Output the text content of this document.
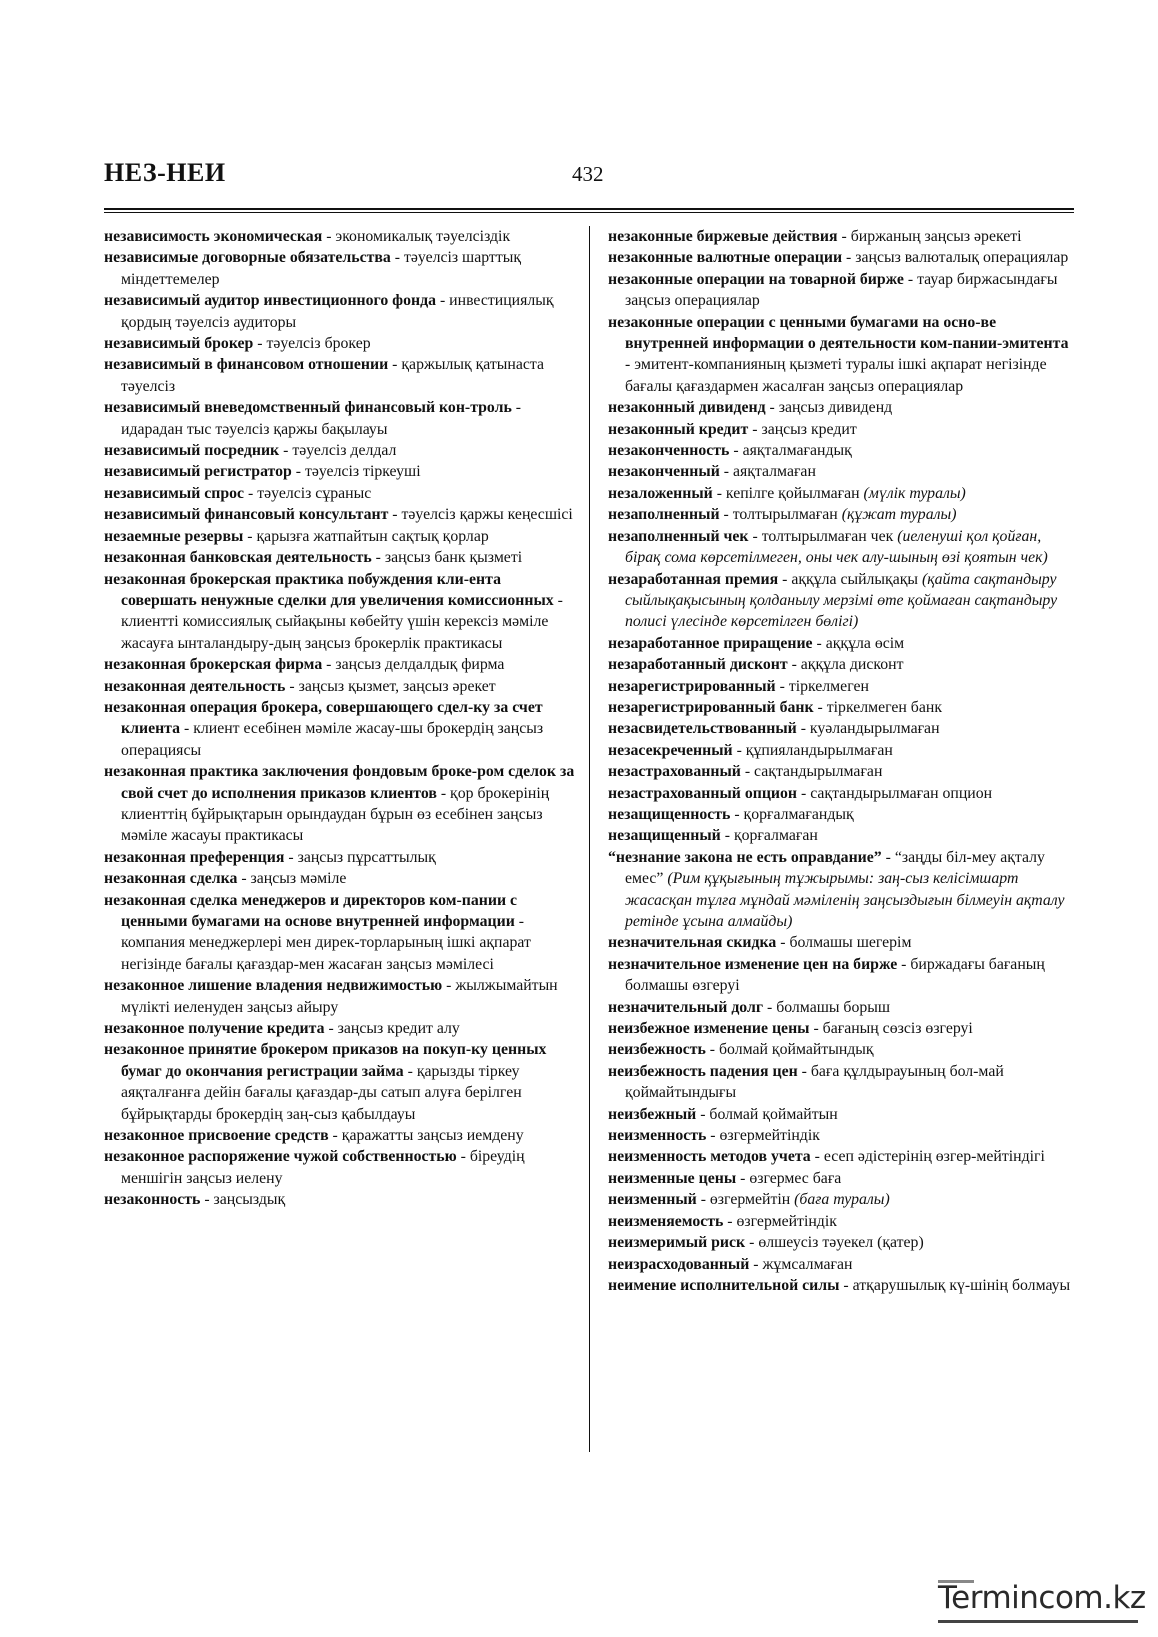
НЕЗ-НЕИ	432

независимость экономическая - экономикалық тәуелсіздік

независимые договорные обязательства - тәуелсіз шарттық міндеттемелер

независимый аудитор инвестиционного фонда - инвестициялық қордың тәуелсіз аудиторы

независимый брокер - тәуелсіз брокер

независимый в финансовом отношении - қаржылық қатынаста тәуелсіз

независимый вневедомственный финансовый кон-троль - идарадан тыс тәуелсіз қаржы бақылауы

независимый посредник - тәуелсіз делдал

независимый регистратор - тәуелсіз тіркеуші

независимый спрос - тәуелсіз сұраныс

независимый финансовый консультант - тәуелсіз қаржы кеңесшісі

незаемные резервы - қарызға жатпайтын сақтық қорлар

незаконная банковская деятельность - заңсыз банк қызметі

незаконная брокерская практика побуждения кли-ента совершать ненужные сделки для увеличения комиссионных - клиентті комиссиялық сыйақыны көбейту үшін керексіз мәміле жасауға ынталандыру-дың заңсыз брокерлік практикасы

незаконная брокерская фирма - заңсыз делдалдық фирма

незаконная деятельность - заңсыз қызмет, заңсыз әрекет

незаконная операция брокера, совершающего сдел-ку за счет клиента - клиент есебінен мәміле жасау-шы брокердің заңсыз операциясы

незаконная практика заключения фондовым броке-ром сделок за свой счет до исполнения приказов клиентов - қор брокерінің клиенттің бұйрықтарын орындаудан бұрын өз есебінен заңсыз мәміле жасауы практикасы

незаконная преференция - заңсыз пұрсаттылық

незаконная сделка - заңсыз мәміле

незаконная сделка менеджеров и директоров ком-пании с ценными бумагами на основе внутренней информации - компания менеджерлері мен дирек-торларының ішкі ақпарат негізінде бағалы қағаздар-мен жасаған заңсыз мәмілесі

незаконное лишение владения недвижимостью - жылжымайтын мүлікті иеленуден заңсыз айыру

незаконное получение кредита - заңсыз кредит алу

незаконное принятие брокером приказов на покуп-ку ценных бумаг до окончания регистрации займа - қарызды тіркеу аяқталғанға дейін бағалы қағаздар-ды сатып алуға берілген бұйрықтарды брокердің заң-сыз қабылдауы

незаконное присвоение средств - қаражатты заңсыз иемдену

незаконное распоряжение чужой собственностью - біреудің меншігін заңсыз иелену

незаконность - заңсыздық

незаконные биржевые действия - биржаның заңсыз әрекеті

незаконные валютные операции - заңсыз валюталық операциялар

незаконные операции на товарной бирже - тауар биржасындағы заңсыз операциялар

незаконные операции с ценными бумагами на осно-ве внутренней информации о деятельности ком-пании-эмитента - эмитент-компанияның қызметі туралы ішкі ақпарат негізінде бағалы қағаздармен жасалған заңсыз операциялар

незаконный дивиденд - заңсыз дивиденд

незаконный кредит - заңсыз кредит

незаконченность - аяқталмағандық

незаконченный - аяқталмаған

незаложенный - кепілге қойылмаған (мүлік туралы)

незаполненный - толтырылмаған (құжат туралы)

незаполненный чек - толтырылмаған чек (иеленуші қол қойған, бірақ сома көрсетілмеген, оны чек алу-шының өзі қоятын чек)

незаработанная премия - аққұла сыйлықақы (қайта сақтандыру сыйлықақысының қолданылу мерзімі өте қоймаған сақтандыру полисі үлесінде көрсетілген бөлігі)

незаработанное приращение - аққұла өсім

незаработанный дисконт - аққұла дисконт

незарегистрированный - тіркелмеген

незарегистрированный банк - тіркелмеген банк

незасвидетельствованный - куәландырылмаған

незасекреченный - құпияландырылмаған

незастрахованный - сақтандырылмаған

незастрахованный опцион - сақтандырылмаған опцион

незащищенность - қорғалмағандық

незащищенный - қорғалмаған

“незнание закона не есть оправдание” - “заңды біл-меу ақталу емес” (Рим құқығының тұжырымы: заң-сыз келісімшарт жасасқан тұлға мұндай мәміленің заңсыздығын білмеуін ақталу ретінде ұсына алмайды)

незначительная скидка - болмашы шегерім

незначительное изменение цен на бирже - биржадағы бағаның болмашы өзгеруі

незначительный долг - болмашы борыш

неизбежное изменение цены - бағаның сөзсіз өзгеруі

неизбежность - болмай қоймайтындық

неизбежность падения цен - баға құлдырауының бол-май қоймайтындығы

неизбежный - болмай қоймайтын

неизменность - өзгермейтіндік

неизменность методов учета - есеп әдістерінің өзгер-мейтіндігі

неизменные цены - өзгермес баға

неизменный - өзгермейтін (баға туралы)

неизменяемость - өзгермейтіндік

неизмеримый риск - өлшеусіз тәуекел (қатер)

неизрасходованный - жұмсалмаған

неимение исполнительной силы - атқарушылық кү-шінің болмауы

Termincom.kz
